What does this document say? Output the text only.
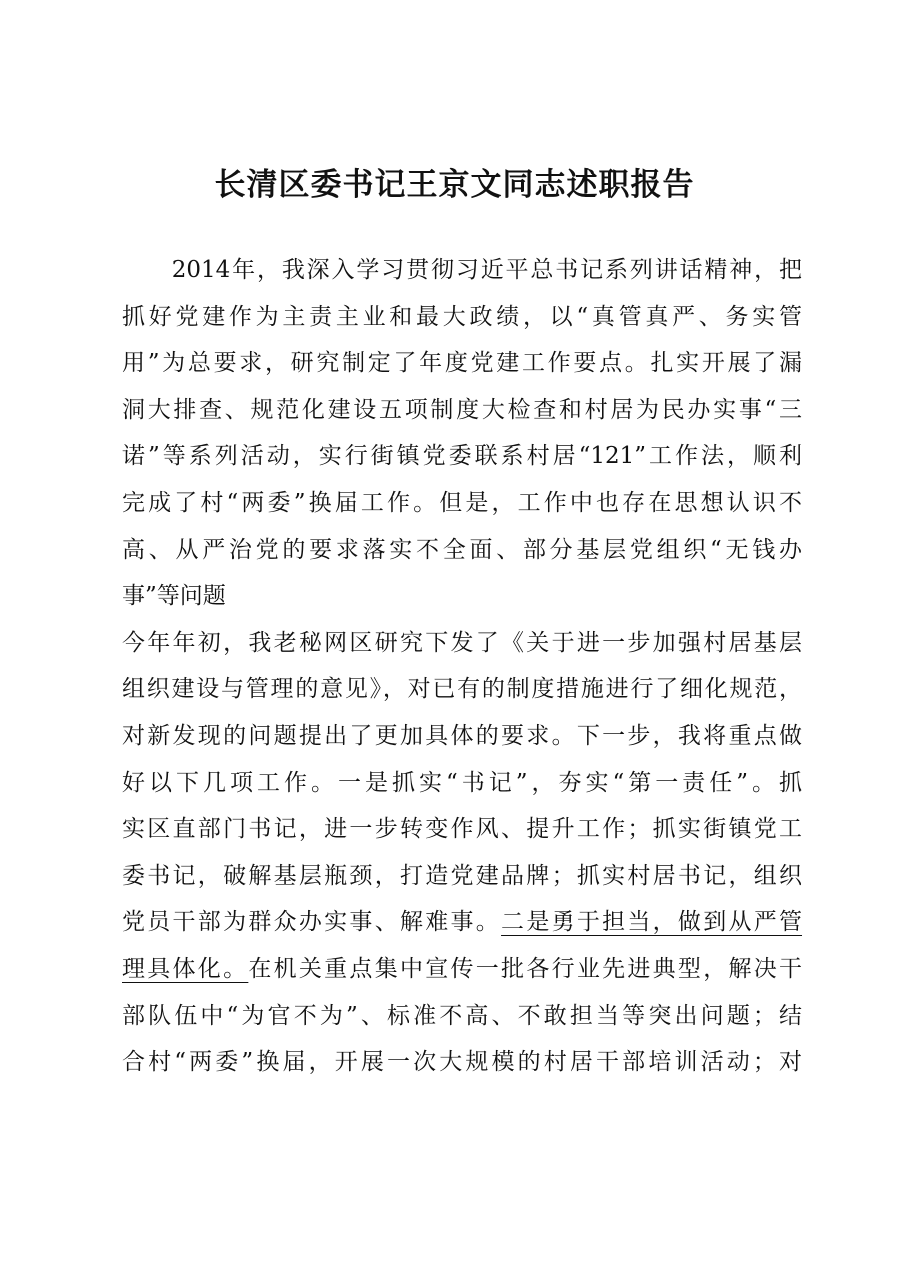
长清区委书记王京文同志述职报告
　　2014年，我深入学习贯彻习近平总书记系列讲话精神，把
抓好党建作为主责主业和最大政绩，以“真管真严、务实管
用”为总要求，研究制定了年度党建工作要点。扎实开展了漏
洞大排查、规范化建设五项制度大检查和村居为民办实事“三
诺”等系列活动，实行街镇党委联系村居“121”工作法，顺利
完成了村“两委”换届工作。但是，工作中也存在思想认识不
高、从严治党的要求落实不全面、部分基层党组织“无钱办
事”等问题
今年年初，我老秘网区研究下发了《关于进一步加强村居基层
组织建设与管理的意见》，对已有的制度措施进行了细化规范，
对新发现的问题提出了更加具体的要求。下一步，我将重点做
好以下几项工作。一是抓实“书记”，夯实“第一责任”。抓
实区直部门书记，进一步转变作风、提升工作；抓实街镇党工
委书记，破解基层瓶颈，打造党建品牌；抓实村居书记，组织
党员干部为群众办实事、解难事。二是勇于担当，做到从严管
理具体化。在机关重点集中宣传一批各行业先进典型，解决干
部队伍中“为官不为”、标准不高、不敢担当等突出问题；结
合村“两委”换届，开展一次大规模的村居干部培训活动；对
